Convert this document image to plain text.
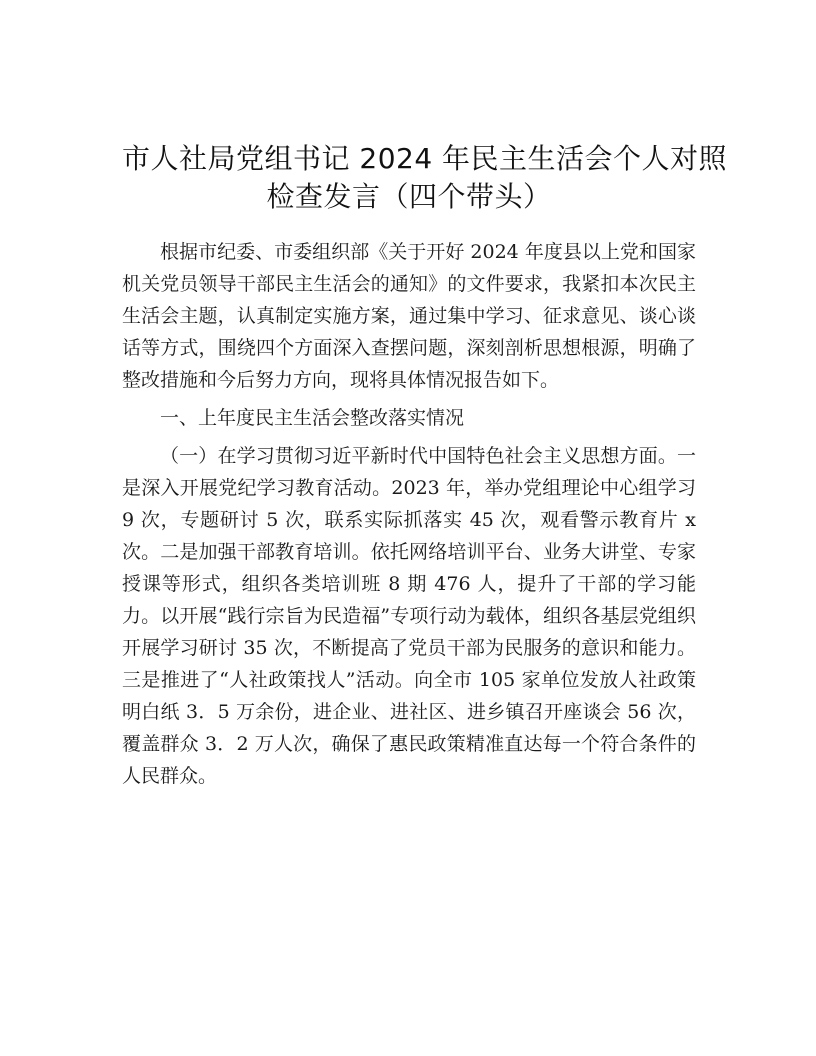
市人社局党组书记 2024 年民主生活会个人对照
检查发言（四个带头）

根据市纪委、市委组织部《关于开好 2024 年度县以上党和国家机关党员领导干部民主生活会的通知》的文件要求，我紧扣本次民主生活会主题，认真制定实施方案，通过集中学习、征求意见、谈心谈话等方式，围绕四个方面深入查摆问题，深刻剖析思想根源，明确了整改措施和今后努力方向，现将具体情况报告如下。

一、上年度民主生活会整改落实情况

（一）在学习贯彻习近平新时代中国特色社会主义思想方面。一是深入开展党纪学习教育活动。2023 年，举办党组理论中心组学习 9 次，专题研讨 5 次，联系实际抓落实 45 次，观看警示教育片 x 次。二是加强干部教育培训。依托网络培训平台、业务大讲堂、专家授课等形式，组织各类培训班 8 期 476 人，提升了干部的学习能力。以开展“践行宗旨为民造福”专项行动为载体，组织各基层党组织开展学习研讨 35 次，不断提高了党员干部为民服务的意识和能力。三是推进了“人社政策找人”活动。向全市 105 家单位发放人社政策明白纸 3．5 万余份，进企业、进社区、进乡镇召开座谈会 56 次，覆盖群众 3．2 万人次，确保了惠民政策精准直达每一个符合条件的人民群众。
